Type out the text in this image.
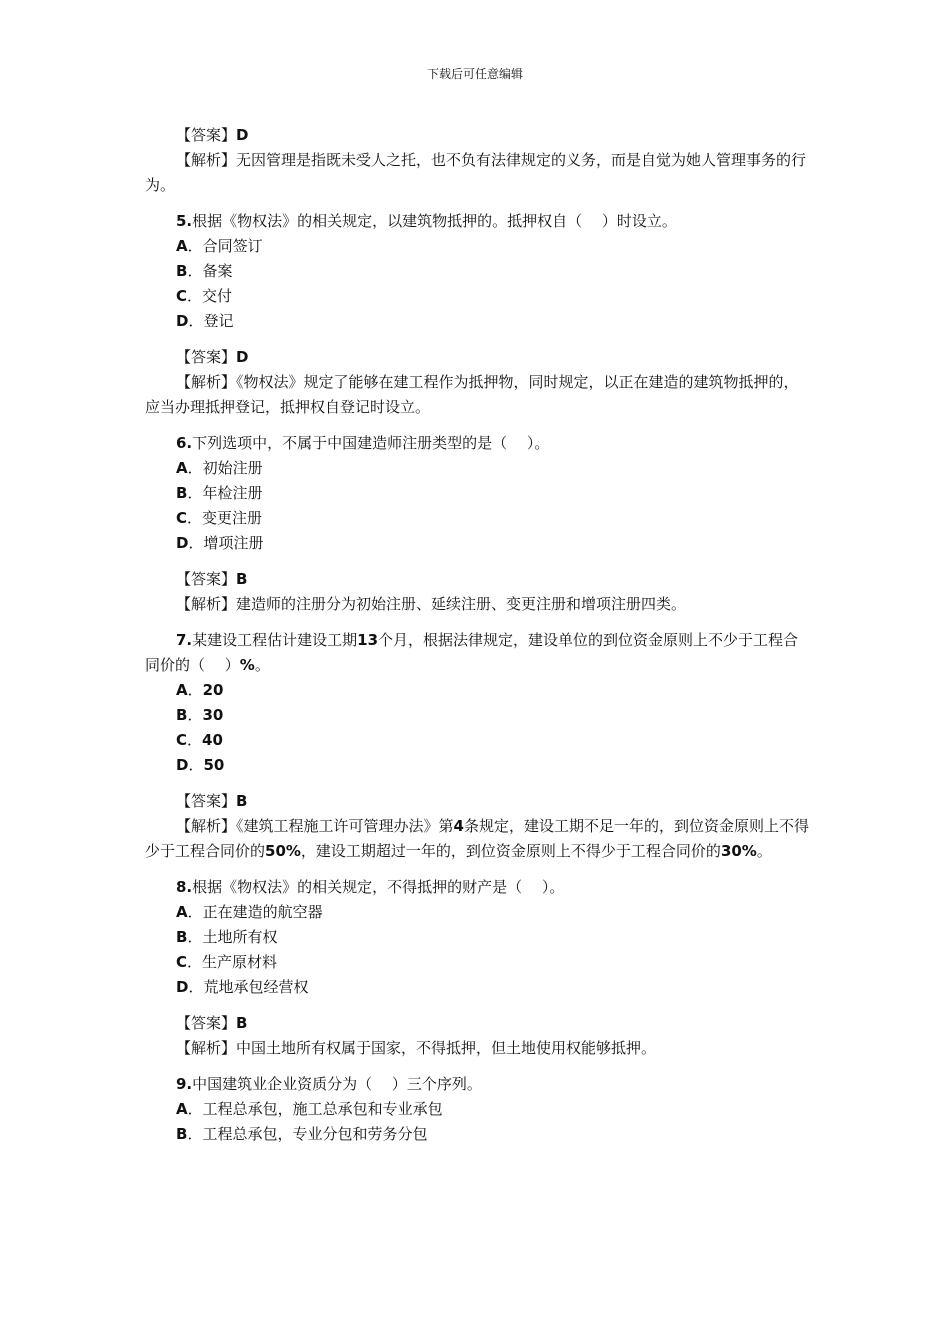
下载后可任意编辑

【答案】D

【解析】无因管理是指既未受人之托，也不负有法律规定的义务，而是自觉为她人管理事务的行为。

5.根据《物权法》的相关规定，以建筑物抵押的。抵押权自（　 ）时设立。

A．合同签订

B．备案

C．交付

D．登记

【答案】D

【解析】《物权法》规定了能够在建工程作为抵押物，同时规定，以正在建造的建筑物抵押的，应当办理抵押登记，抵押权自登记时设立。

6.下列选项中，不属于中国建造师注册类型的是（　 ）。

A．初始注册

B．年检注册

C．变更注册

D．增项注册

【答案】B

【解析】建造师的注册分为初始注册、延续注册、变更注册和增项注册四类。

7.某建设工程估计建设工期13个月，根据法律规定，建设单位的到位资金原则上不少于工程合同价的（　 ）%。

A．20

B．30

C．40

D．50

【答案】B

【解析】《建筑工程施工许可管理办法》第4条规定，建设工期不足一年的，到位资金原则上不得少于工程合同价的50%，建设工期超过一年的，到位资金原则上不得少于工程合同价的30%。

8.根据《物权法》的相关规定，不得抵押的财产是（　 ）。

A．正在建造的航空器

B．土地所有权

C．生产原材料

D．荒地承包经营权

【答案】B

【解析】中国土地所有权属于国家，不得抵押，但土地使用权能够抵押。

9.中国建筑业企业资质分为（　 ）三个序列。

A．工程总承包，施工总承包和专业承包

B．工程总承包，专业分包和劳务分包
